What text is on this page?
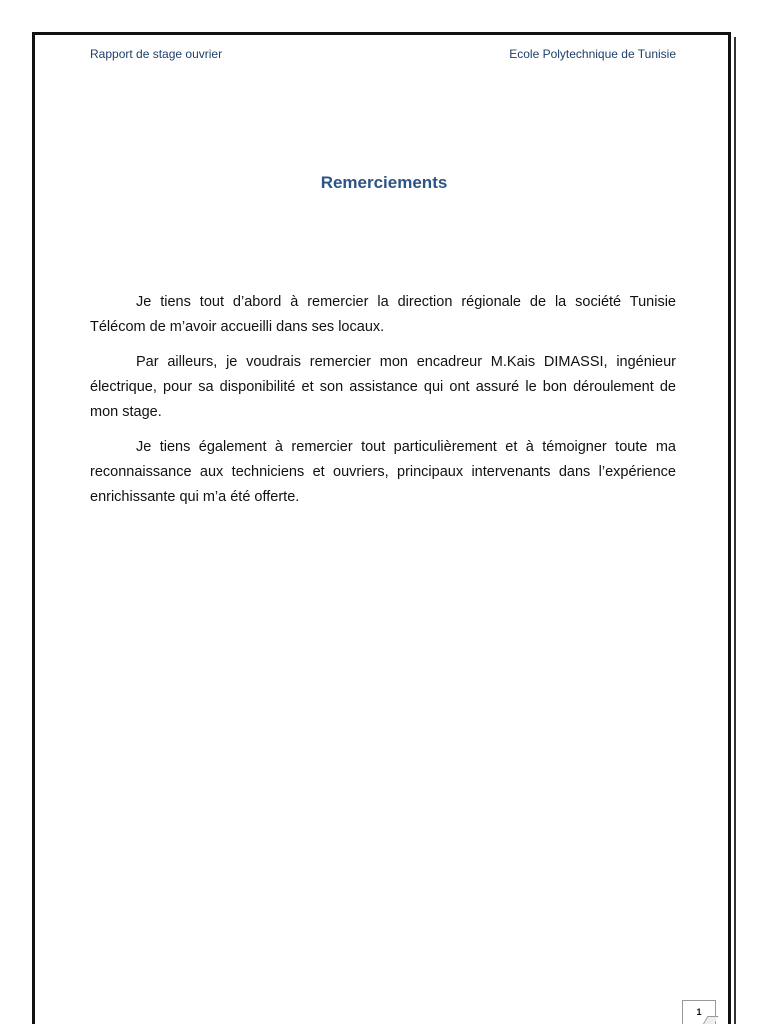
Rapport de stage ouvrier	Ecole Polytechnique de Tunisie
Remerciements

Je tiens tout d’abord à remercier la direction régionale de la société Tunisie Télécom de m’avoir accueilli dans ses locaux.

Par ailleurs, je voudrais remercier mon encadreur M.Kais DIMASSI, ingénieur électrique, pour sa disponibilité et son assistance qui ont assuré le bon déroulement de mon stage.

Je tiens également à remercier tout particulièrement et à témoigner toute ma reconnaissance aux techniciens et ouvriers, principaux intervenants dans l’expérience enrichissante qui m’a été offerte.

1
